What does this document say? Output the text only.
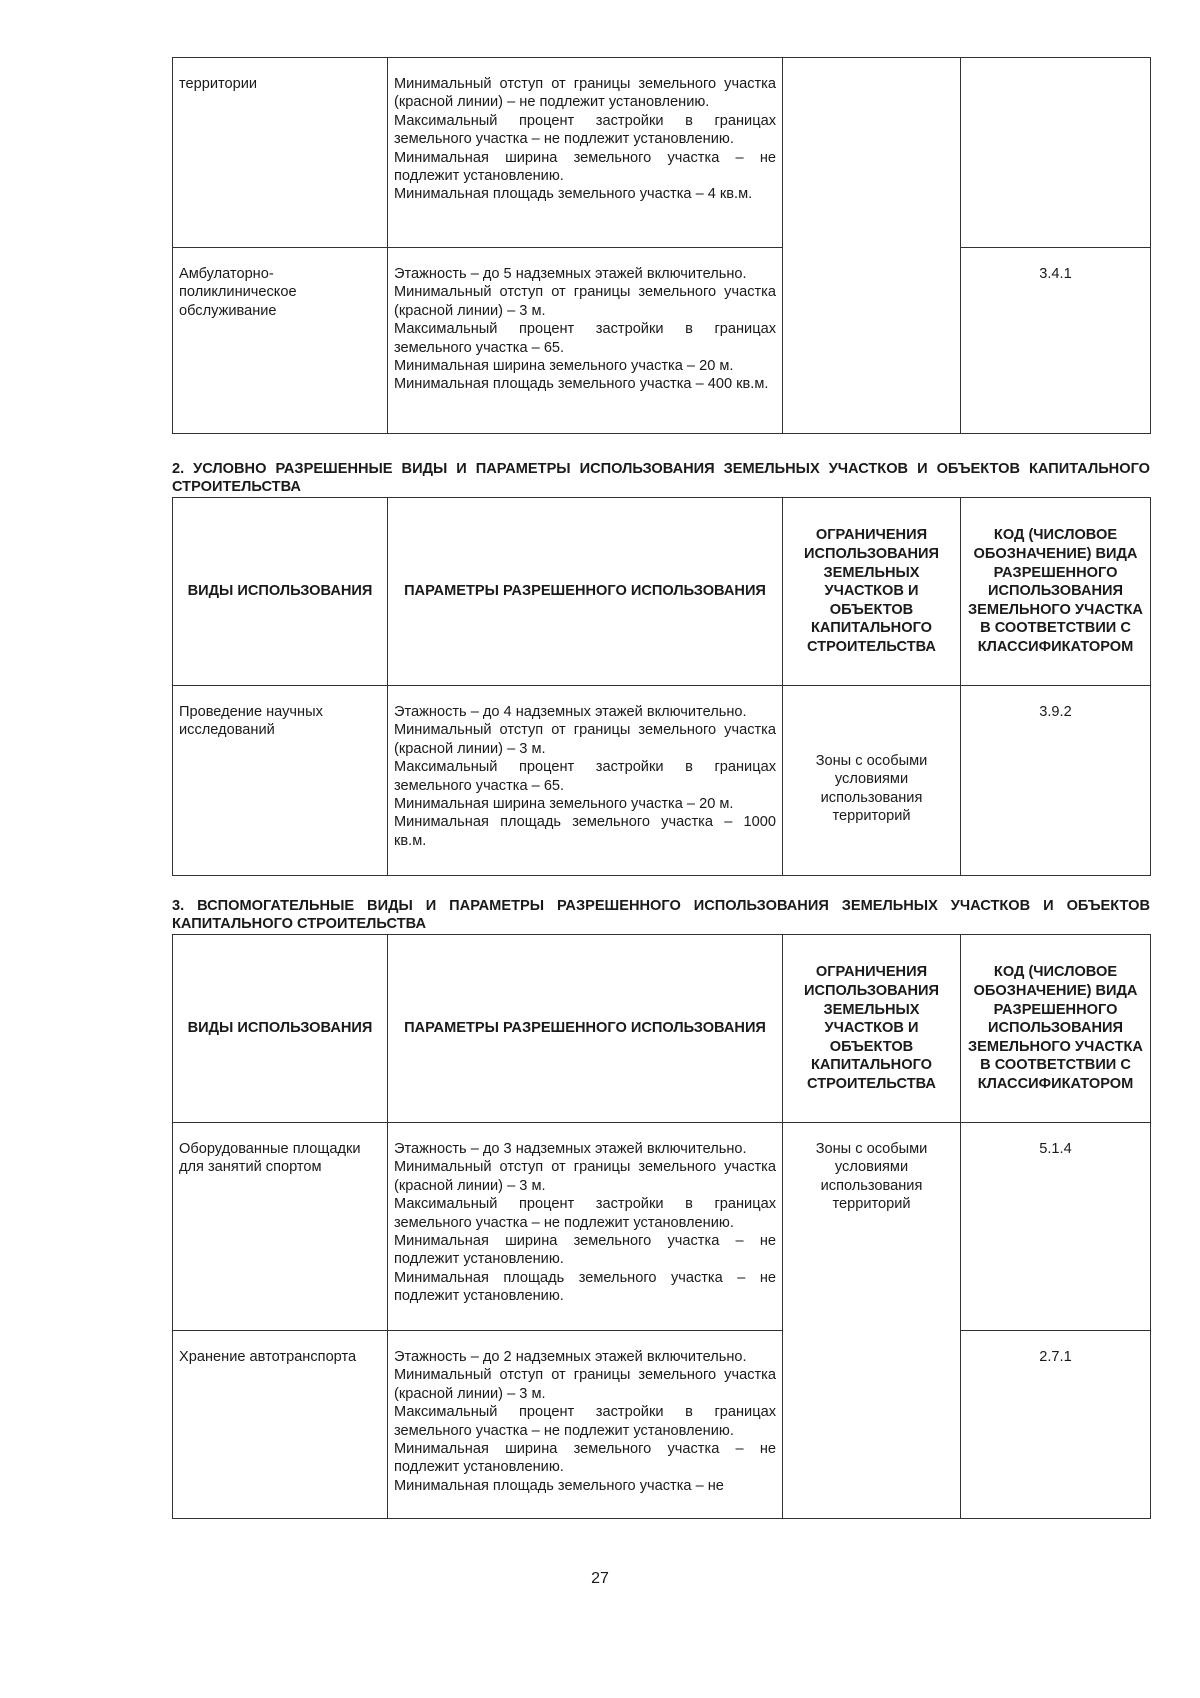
территории	Минимальный отступ от границы земельного участка (красной линии) – не подлежит установлению.
Максимальный процент застройки в границах земельного участка – не подлежит установлению.
Минимальная ширина земельного участка – не подлежит установлению.
Минимальная площадь земельного участка – 4 кв.м.		

Амбулаторно-поликлиническое обслуживание	Этажность – до 5 надземных этажей включительно.
Минимальный отступ от границы земельного участка (красной линии) – 3 м.
Максимальный процент застройки в границах земельного участка – 65.
Минимальная ширина земельного участка – 20 м.
Минимальная площадь земельного участка – 400 кв.м.		3.4.1
2. УСЛОВНО РАЗРЕШЕННЫЕ ВИДЫ И ПАРАМЕТРЫ ИСПОЛЬЗОВАНИЯ ЗЕМЕЛЬНЫХ УЧАСТКОВ И ОБЪЕКТОВ КАПИТАЛЬНОГО СТРОИТЕЛЬСТВА
ВИДЫ ИСПОЛЬЗОВАНИЯ	ПАРАМЕТРЫ РАЗРЕШЕННОГО ИСПОЛЬЗОВАНИЯ	ОГРАНИЧЕНИЯ ИСПОЛЬЗОВАНИЯ ЗЕМЕЛЬНЫХ УЧАСТКОВ И ОБЪЕКТОВ КАПИТАЛЬНОГО СТРОИТЕЛЬСТВА	КОД (ЧИСЛОВОЕ ОБОЗНАЧЕНИЕ) ВИДА РАЗРЕШЕННОГО ИСПОЛЬЗОВАНИЯ ЗЕМЕЛЬНОГО УЧАСТКА В СООТВЕТСТВИИ С КЛАССИФИКАТОРОМ
Проведение научных исследований	Этажность – до 4 надземных этажей включительно.
Минимальный отступ от границы земельного участка (красной линии) – 3 м.
Максимальный процент застройки в границах земельного участка – 65.
Минимальная ширина земельного участка – 20 м.
Минимальная площадь земельного участка – 1000 кв.м.	Зоны с особыми условиями использования территорий	3.9.2
3. ВСПОМОГАТЕЛЬНЫЕ ВИДЫ И ПАРАМЕТРЫ РАЗРЕШЕННОГО ИСПОЛЬЗОВАНИЯ ЗЕМЕЛЬНЫХ УЧАСТКОВ И ОБЪЕКТОВ КАПИТАЛЬНОГО СТРОИТЕЛЬСТВА
ВИДЫ ИСПОЛЬЗОВАНИЯ	ПАРАМЕТРЫ РАЗРЕШЕННОГО ИСПОЛЬЗОВАНИЯ	ОГРАНИЧЕНИЯ ИСПОЛЬЗОВАНИЯ ЗЕМЕЛЬНЫХ УЧАСТКОВ И ОБЪЕКТОВ КАПИТАЛЬНОГО СТРОИТЕЛЬСТВА	КОД (ЧИСЛОВОЕ ОБОЗНАЧЕНИЕ) ВИДА РАЗРЕШЕННОГО ИСПОЛЬЗОВАНИЯ ЗЕМЕЛЬНОГО УЧАСТКА В СООТВЕТСТВИИ С КЛАССИФИКАТОРОМ
Оборудованные площадки для занятий спортом	Этажность – до 3 надземных этажей включительно.
Минимальный отступ от границы земельного участка (красной линии) – 3 м.
Максимальный процент застройки в границах земельного участка – не подлежит установлению.
Минимальная ширина земельного участка – не подлежит установлению.
Минимальная площадь земельного участка – не подлежит установлению.	Зоны с особыми условиями использования территорий	5.1.4
Хранение автотранспорта	Этажность – до 2 надземных этажей включительно.
Минимальный отступ от границы земельного участка (красной линии) – 3 м.
Максимальный процент застройки в границах земельного участка – не подлежит установлению.
Минимальная ширина земельного участка – не подлежит установлению.
Минимальная площадь земельного участка – не		2.7.1
27
